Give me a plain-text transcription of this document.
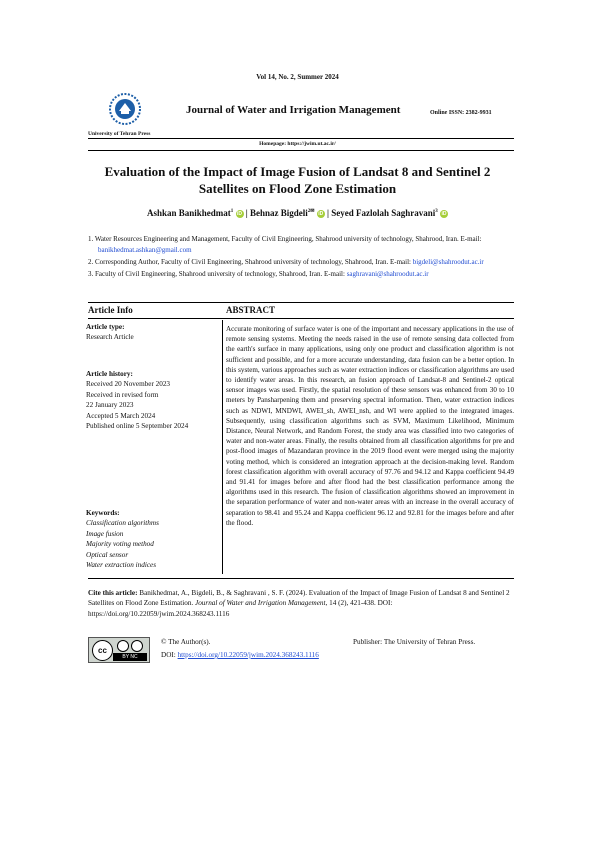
Vol 14, No. 2, Summer 2024
University of Tehran Press
Journal of Water and Irrigation Management	Online ISSN: 2382-9931
Homepage: https://jwim.ut.ac.ir/
Evaluation of the Impact of Image Fusion of Landsat 8 and Sentinel 2
Satellites on Flood Zone Estimation
Ashkan Banikhedmat$^1$ iD | Behnaz Bigdeli$^{2✉}$ iD | Seyed Fazlolah Saghravani$^3$ iD

1. Water Resources Engineering and Management, Faculty of Civil Engineering, Shahrood university of technology, Shahrood, Iran. E-mail: banikhedmat.ashkan@gmail.com

2. Corresponding Author, Faculty of Civil Engineering, Shahrood university of technology, Shahrood, Iran. E-mail: bigdeli@shahroodut.ac.ir

3. Faculty of Civil Engineering, Shahrood university of technology, Shahrood, Iran. E-mail: saghravani@shahroodut.ac.ir

Article Info	ABSTRACT
Article type:
Research Article
Article history:
Received 20 November 2023
Received in revised form
22 January 2023
Accepted 5 March 2024
Published online 5 September 2024
Keywords:
Classification algorithms
Image fusion
Majority voting method
Optical sensor
Water extraction indices
Accurate monitoring of surface water is one of the important and necessary applications in the use of remote sensing systems. Meeting the needs raised in the use of remote sensing data collected from the earth's surface in many applications, using only one product and classification algorithm is not sufficient and possible, and for a more accurate understanding, data fusion can be a better option. In this system, various approaches such as water extraction indices or classification algorithms are used to identify water areas. In this research, an fusion approach of Landsat-8 and Sentinel-2 optical sensor images was used. Firstly, the spatial resolution of these sensors was enhanced from 30 to 10 meters by Pansharpening them and preserving spectral information. Then, water extraction indices such as NDWI, MNDWI, AWEI_sh, AWEI_nsh, and WI were applied to the integrated images. Subsequently, using classification algorithms such as SVM, Maximum Likelihood, Minimum Distance, Neural Network, and Random Forest, the study area was classified into two categories of water and non-water areas. Finally, the results obtained from all classification algorithms for pre and post-flood images of Mazandaran province in the 2019 flood event were merged using the majority voting method, which is considered an integration approach at the decision-making level. Random forest classification algorithm with overall accuracy of 97.76 and 94.12 and Kappa coefficient 94.49 and 91.41 for images before and after flood had the best classification performance among the algorithms used in this research. The fusion of classification algorithms showed an improvement in the separation performance of water and non-water areas with an increase in the overall accuracy of separation to 98.41 and 95.24 and Kappa coefficient 96.12 and 92.81 for the images before and after the flood.
Cite this article: Banikhedmat, A., Bigdeli, B., & Saghravani , S. F. (2024). Evaluation of the Impact of Image Fusion of Landsat 8 and Sentinel 2 Satellites on Flood Zone Estimation. Journal of Water and Irrigation Management, 14 (2), 421-438. DOI: https://doi.org/10.22059/jwim.2024.368243.1116
cc
BY NC
© The Author(s).	Publisher: The University of Tehran Press.
DOI: https://doi.org/10.22059/jwim.2024.368243.1116
